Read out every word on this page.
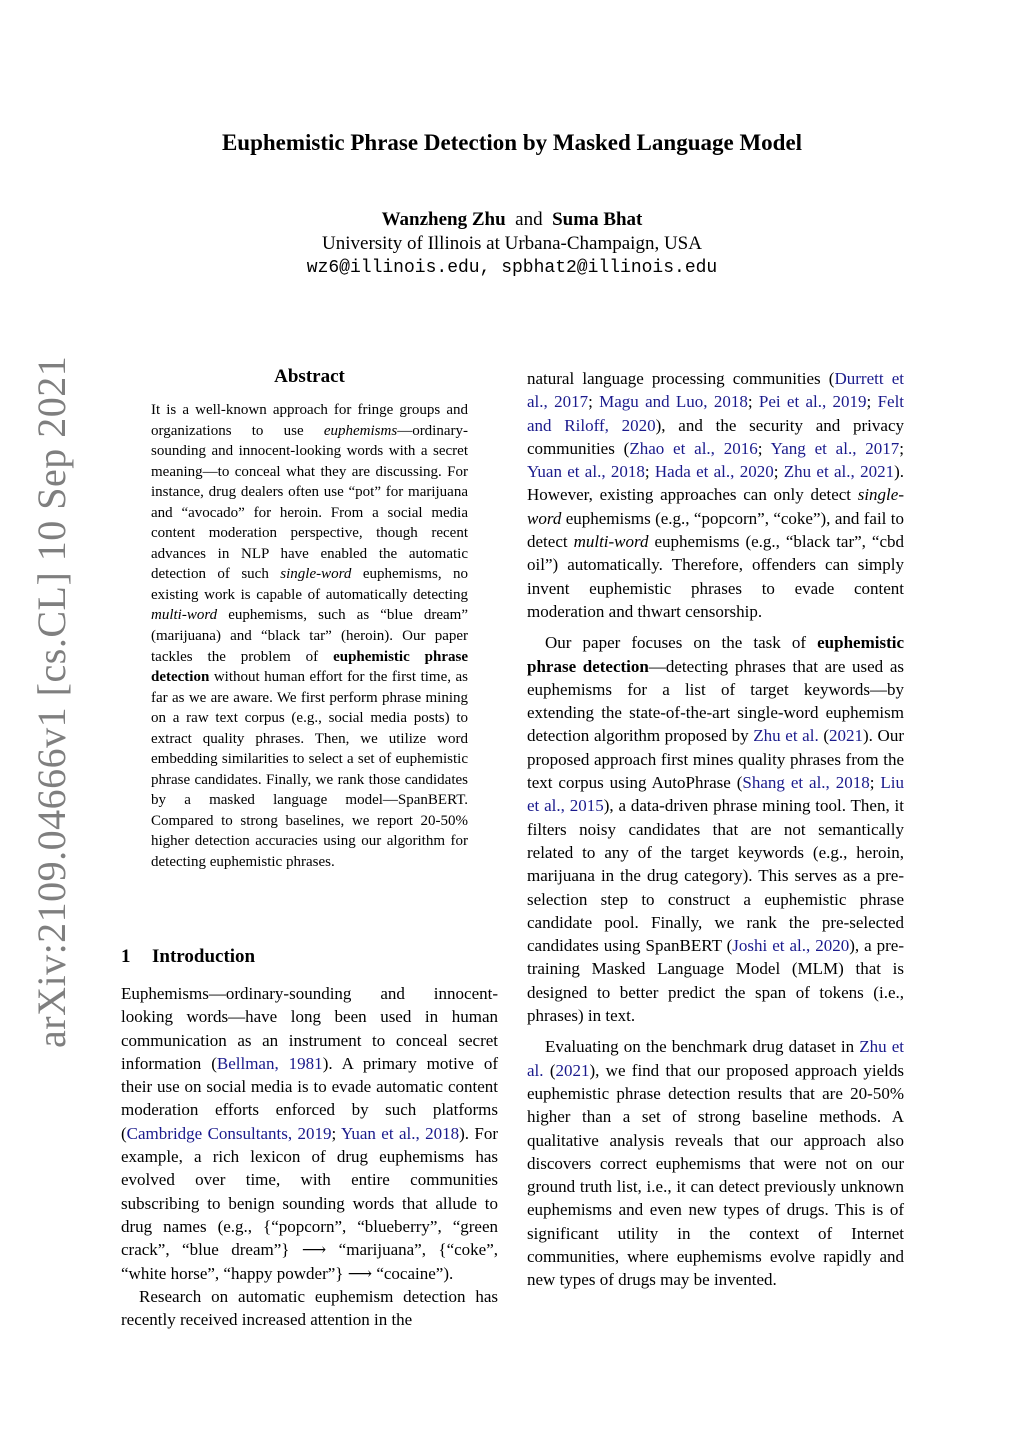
arXiv:2109.04666v1 [cs.CL] 10 Sep 2021
Euphemistic Phrase Detection by Masked Language Model
Wanzheng Zhu and Suma Bhat
University of Illinois at Urbana-Champaign, USA
wz6@illinois.edu, spbhat2@illinois.edu
Abstract

It is a well-known approach for fringe groups and organizations to use euphemisms—ordinary-sounding and innocent-looking words with a secret meaning—to conceal what they are discussing. For instance, drug dealers often use “pot” for marijuana and “avocado” for heroin. From a social media content moderation perspective, though recent advances in NLP have enabled the automatic detection of such single-word euphemisms, no existing work is capable of automatically detecting multi-word euphemisms, such as “blue dream” (marijuana) and “black tar” (heroin). Our paper tackles the problem of euphemistic phrase detection without human effort for the first time, as far as we are aware. We first perform phrase mining on a raw text corpus (e.g., social media posts) to extract quality phrases. Then, we utilize word embedding similarities to select a set of euphemistic phrase candidates. Finally, we rank those candidates by a masked language model—SpanBERT. Compared to strong baselines, we report 20-50% higher detection accuracies using our algorithm for detecting euphemistic phrases.

1 Introduction

Euphemisms—ordinary-sounding and innocent-looking words—have long been used in human communication as an instrument to conceal secret information (Bellman, 1981). A primary motive of their use on social media is to evade automatic content moderation efforts enforced by such platforms (Cambridge Consultants, 2019; Yuan et al., 2018). For example, a rich lexicon of drug euphemisms has evolved over time, with entire communities subscribing to benign sounding words that allude to drug names (e.g., {“popcorn”, “blueberry”, “green crack”, “blue dream”} ⟶ “marijuana”, {“coke”, “white horse”, “happy powder”} ⟶ “cocaine”).

Research on automatic euphemism detection has recently received increased attention in the

natural language processing communities (Durrett et al., 2017; Magu and Luo, 2018; Pei et al., 2019; Felt and Riloff, 2020), and the security and privacy communities (Zhao et al., 2016; Yang et al., 2017; Yuan et al., 2018; Hada et al., 2020; Zhu et al., 2021). However, existing approaches can only detect single-word euphemisms (e.g., “popcorn”, “coke”), and fail to detect multi-word euphemisms (e.g., “black tar”, “cbd oil”) automatically. Therefore, offenders can simply invent euphemistic phrases to evade content moderation and thwart censorship.

Our paper focuses on the task of euphemistic phrase detection—detecting phrases that are used as euphemisms for a list of target keywords—by extending the state-of-the-art single-word euphemism detection algorithm proposed by Zhu et al. (2021). Our proposed approach first mines quality phrases from the text corpus using AutoPhrase (Shang et al., 2018; Liu et al., 2015), a data-driven phrase mining tool. Then, it filters noisy candidates that are not semantically related to any of the target keywords (e.g., heroin, marijuana in the drug category). This serves as a pre-selection step to construct a euphemistic phrase candidate pool. Finally, we rank the pre-selected candidates using SpanBERT (Joshi et al., 2020), a pre-training Masked Language Model (MLM) that is designed to better predict the span of tokens (i.e., phrases) in text.

Evaluating on the benchmark drug dataset in Zhu et al. (2021), we find that our proposed approach yields euphemistic phrase detection results that are 20-50% higher than a set of strong baseline methods. A qualitative analysis reveals that our approach also discovers correct euphemisms that were not on our ground truth list, i.e., it can detect previously unknown euphemisms and even new types of drugs. This is of significant utility in the context of Internet communities, where euphemisms evolve rapidly and new types of drugs may be invented.
